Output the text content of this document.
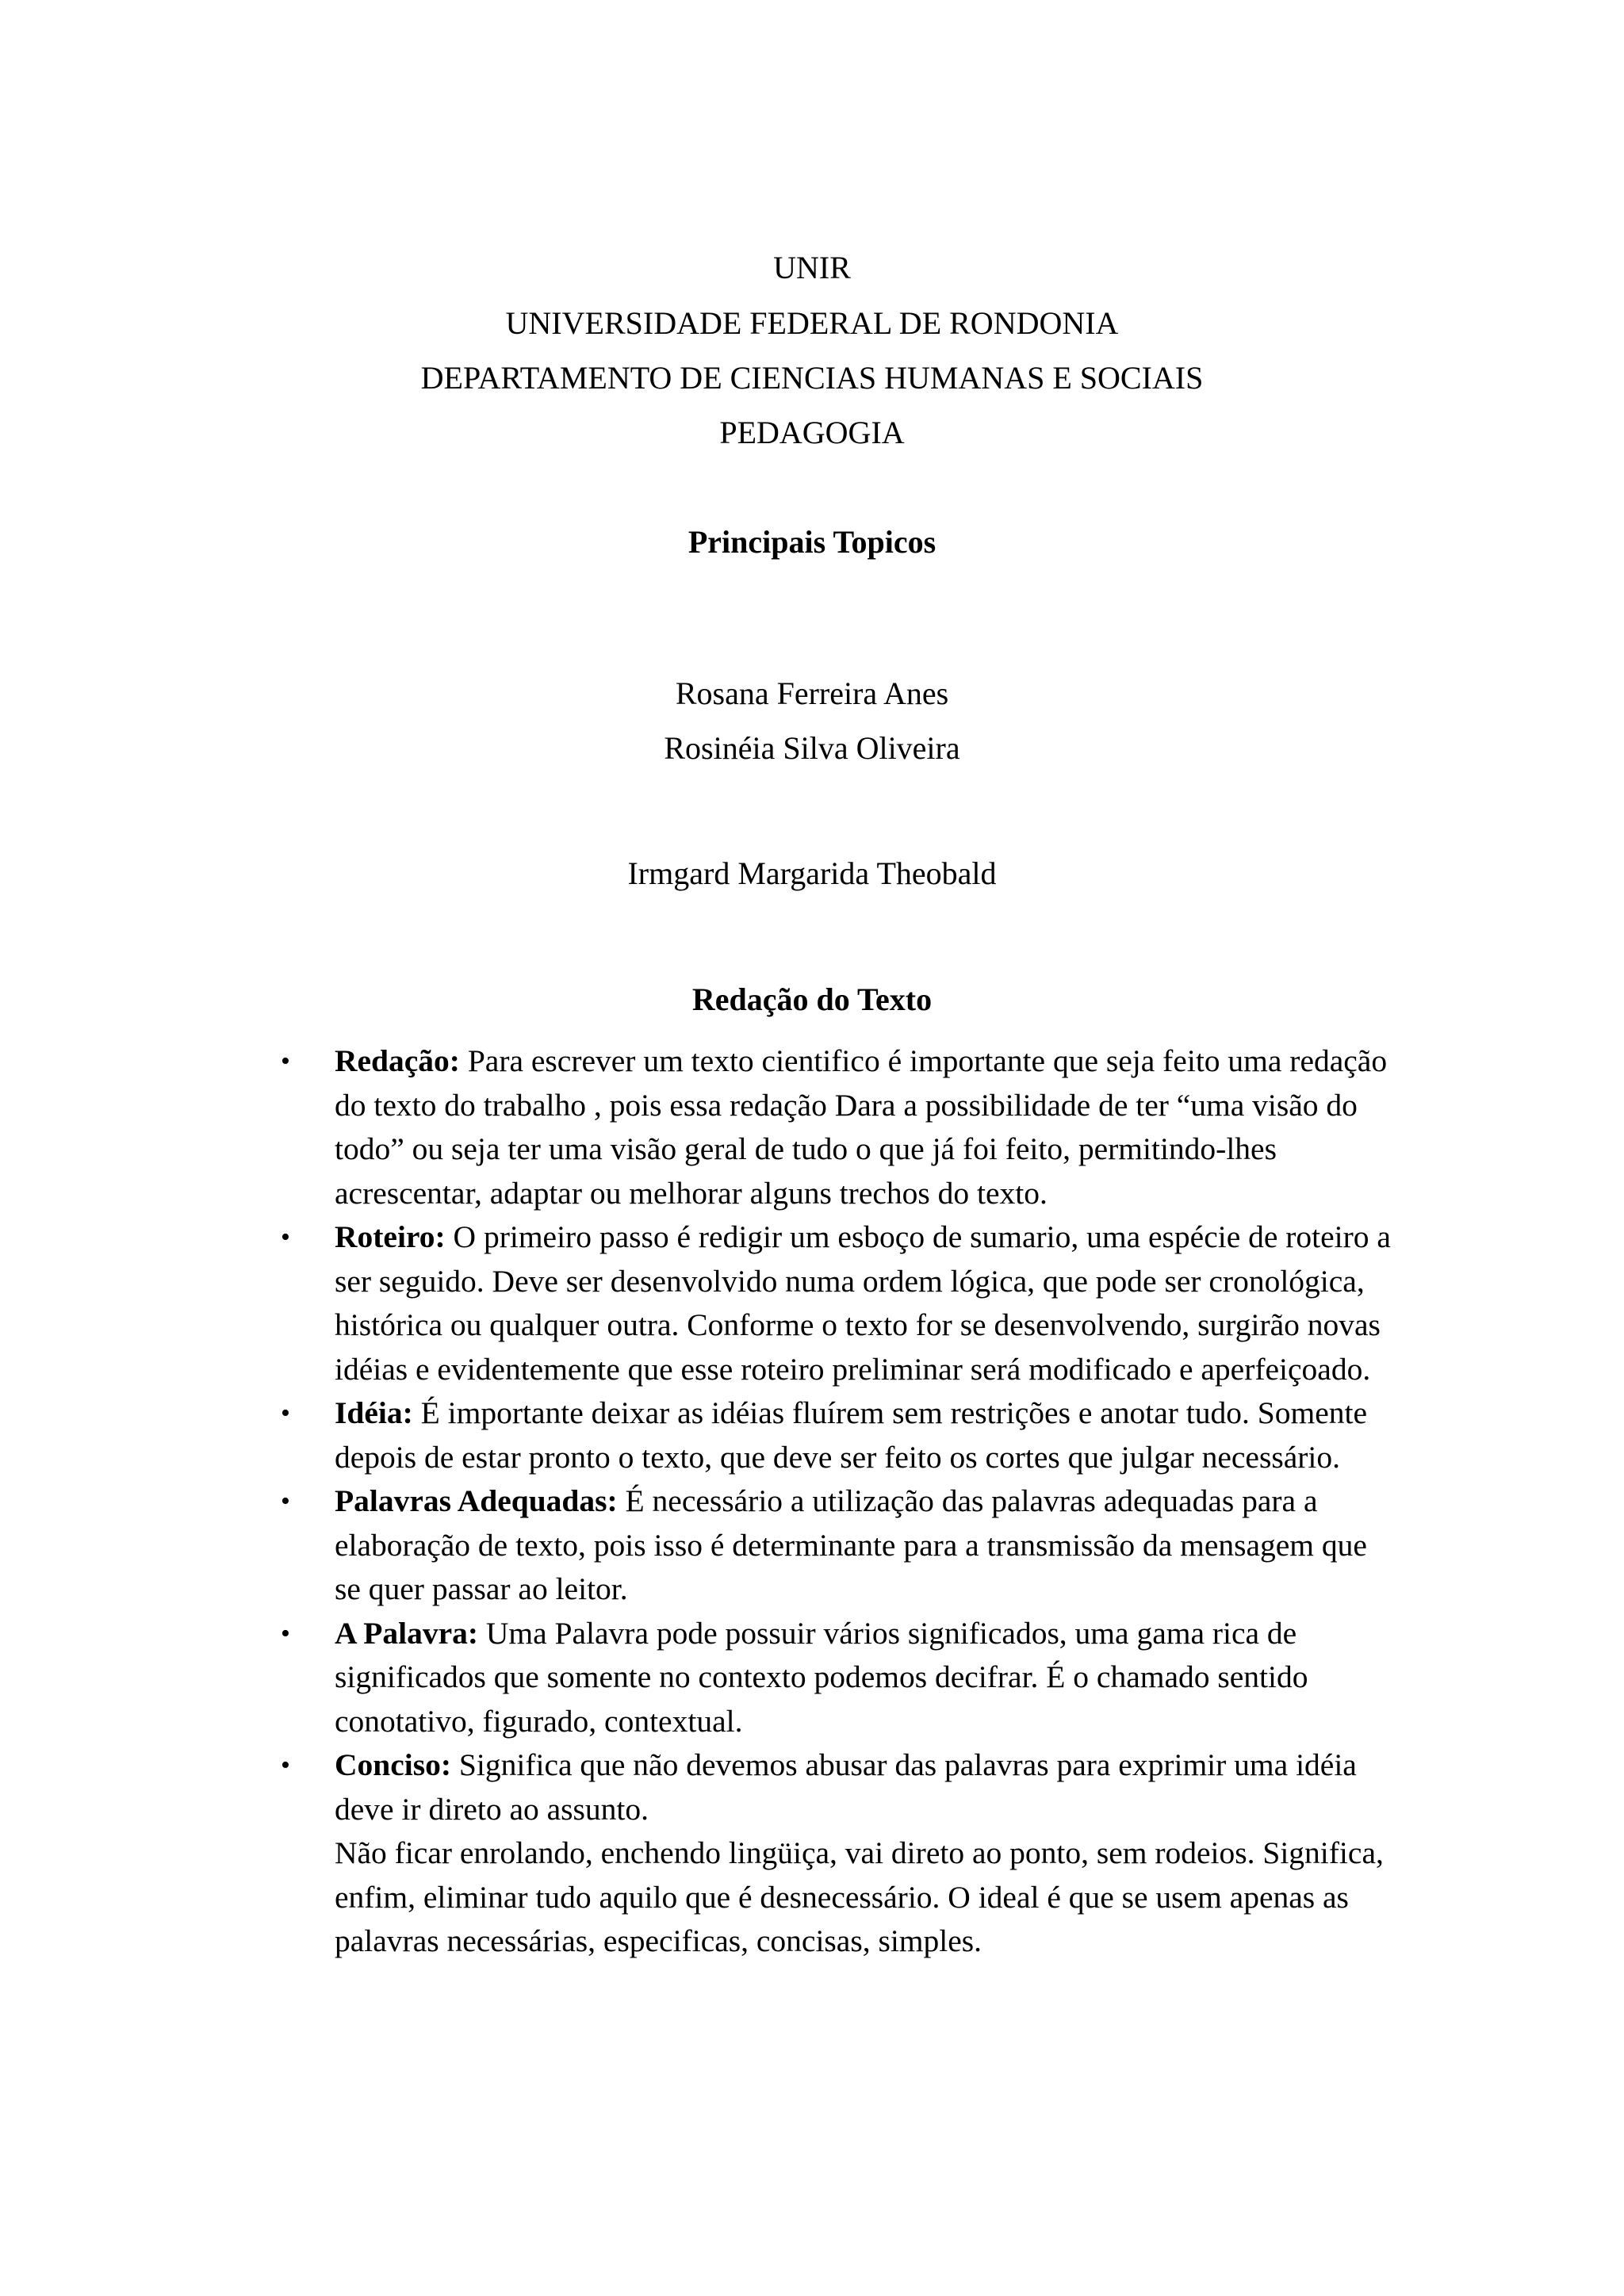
UNIR
UNIVERSIDADE FEDERAL DE RONDONIA
DEPARTAMENTO DE CIENCIAS HUMANAS E SOCIAIS
PEDAGOGIA
Principais Topicos
Rosana Ferreira Anes
Rosinéia Silva Oliveira
Irmgard Margarida Theobald
Redação do Texto
• Redação: Para escrever um texto cientifico é importante que seja feito uma redação do texto do trabalho , pois essa redação Dara a possibilidade de ter “uma visão do todo” ou seja ter uma visão geral de tudo o que já foi feito, permitindo-lhes acrescentar, adaptar ou melhorar alguns trechos do texto.
• Roteiro: O primeiro passo é redigir um esboço de sumario, uma espécie de roteiro a ser seguido. Deve ser desenvolvido numa ordem lógica, que pode ser cronológica, histórica ou qualquer outra. Conforme o texto for se desenvolvendo, surgirão novas idéias e evidentemente que esse roteiro preliminar será modificado e aperfeiçoado.
• Idéia: É importante deixar as idéias fluírem sem restrições e anotar tudo. Somente depois de estar pronto o texto, que deve ser feito os cortes que julgar necessário.
• Palavras Adequadas: É necessário a utilização das palavras adequadas para a elaboração de texto, pois isso é determinante para a transmissão da mensagem que se quer passar ao leitor.
• A Palavra: Uma Palavra pode possuir vários significados, uma gama rica de significados que somente no contexto podemos decifrar. É o chamado sentido conotativo, figurado, contextual.
• Conciso: Significa que não devemos abusar das palavras para exprimir uma idéia deve ir direto ao assunto.
Não ficar enrolando, enchendo lingüiça, vai direto ao ponto, sem rodeios. Significa, enfim, eliminar tudo aquilo que é desnecessário. O ideal é que se usem apenas as palavras necessárias, especificas, concisas, simples.
